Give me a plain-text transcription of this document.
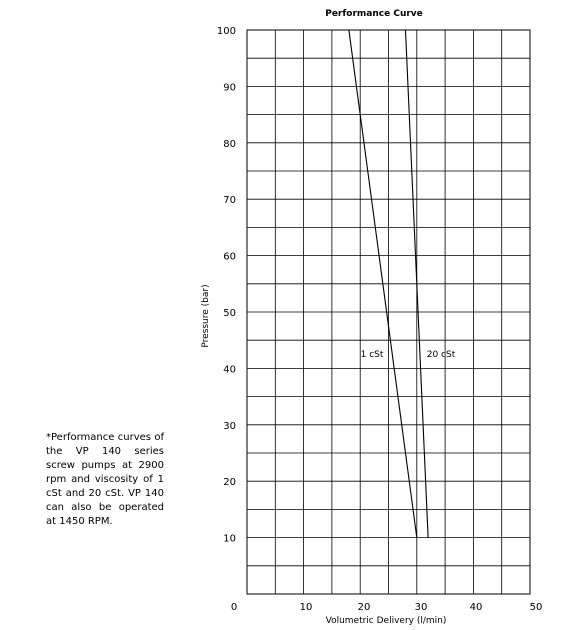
10
20
30
40
50
60
70
80
90
100
10	20	30	40	50
1 cSt	20 cSt
Performance Curve
Volumetric Delivery (l/min)
Pressure (bar)
0
*Performance curves of the VP 140 series screw pumps at 2900 rpm and viscosity of 1 cSt and 20 cSt. VP 140 can also be operated at 1450 RPM.
